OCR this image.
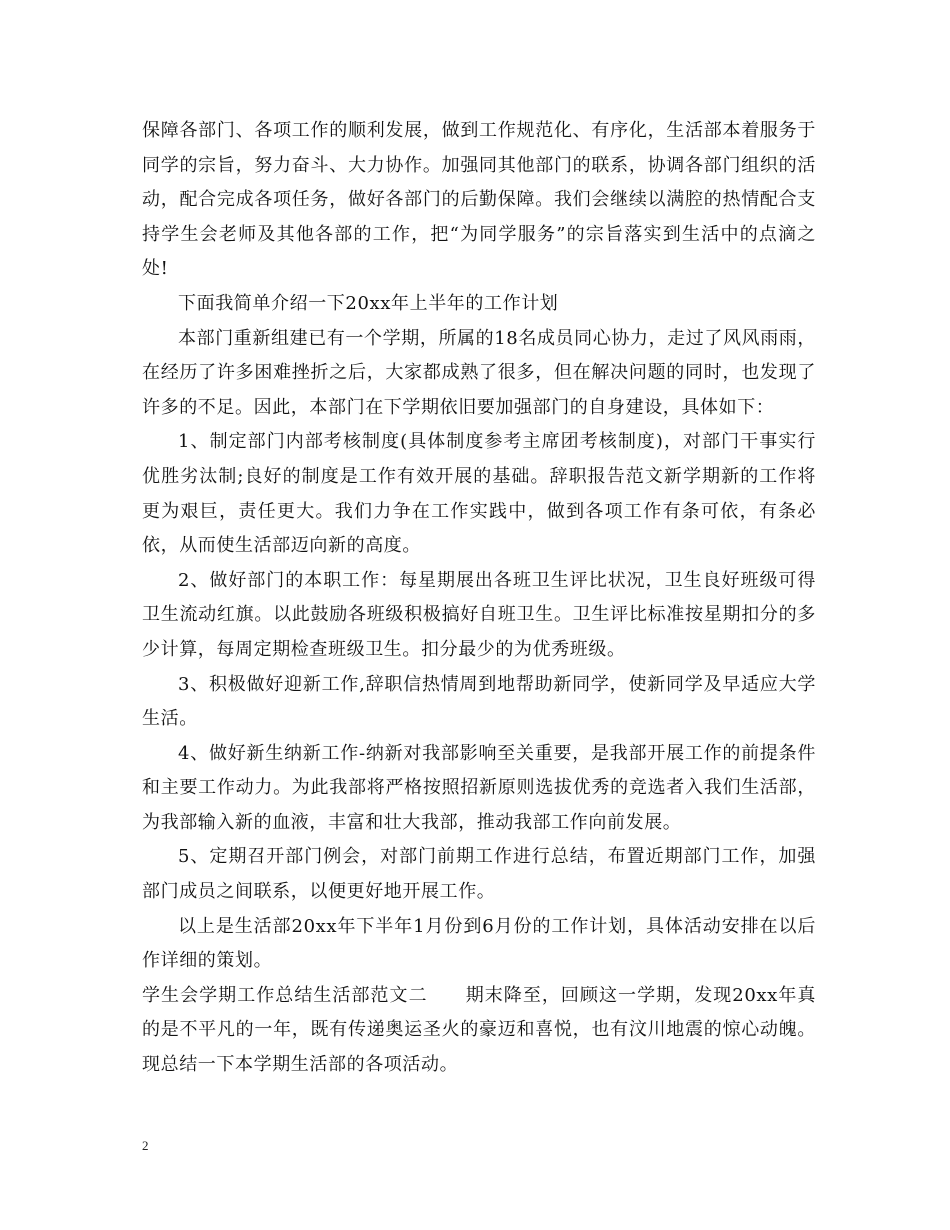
保障各部门、各项工作的顺利发展，做到工作规范化、有序化，生活部本着服务于同学的宗旨，努力奋斗、大力协作。加强同其他部门的联系，协调各部门组织的活动，配合完成各项任务，做好各部门的后勤保障。我们会继续以满腔的热情配合支持学生会老师及其他各部的工作，把“为同学服务”的宗旨落实到生活中的点滴之处!

下面我简单介绍一下20xx年上半年的工作计划

本部门重新组建已有一个学期，所属的18名成员同心协力，走过了风风雨雨，在经历了许多困难挫折之后，大家都成熟了很多，但在解决问题的同时，也发现了许多的不足。因此，本部门在下学期依旧要加强部门的自身建设，具体如下：

1、制定部门内部考核制度(具体制度参考主席团考核制度)，对部门干事实行优胜劣汰制;良好的制度是工作有效开展的基础。辞职报告范文新学期新的工作将更为艰巨，责任更大。我们力争在工作实践中，做到各项工作有条可依，有条必依，从而使生活部迈向新的高度。

2、做好部门的本职工作：每星期展出各班卫生评比状况，卫生良好班级可得卫生流动红旗。以此鼓励各班级积极搞好自班卫生。卫生评比标准按星期扣分的多少计算，每周定期检查班级卫生。扣分最少的为优秀班级。

3、积极做好迎新工作,辞职信热情周到地帮助新同学，使新同学及早适应大学生活。

4、做好新生纳新工作-纳新对我部影响至关重要，是我部开展工作的前提条件和主要工作动力。为此我部将严格按照招新原则选拔优秀的竞选者入我们生活部，为我部输入新的血液，丰富和壮大我部，推动我部工作向前发展。

5、定期召开部门例会，对部门前期工作进行总结，布置近期部门工作，加强部门成员之间联系，以便更好地开展工作。

以上是生活部20xx年下半年1月份到6月份的工作计划，具体活动安排在以后作详细的策划。

学生会学期工作总结生活部范文二　　期末降至，回顾这一学期，发现20xx年真的是不平凡的一年，既有传递奥运圣火的豪迈和喜悦，也有汶川地震的惊心动魄。现总结一下本学期生活部的各项活动。

2
